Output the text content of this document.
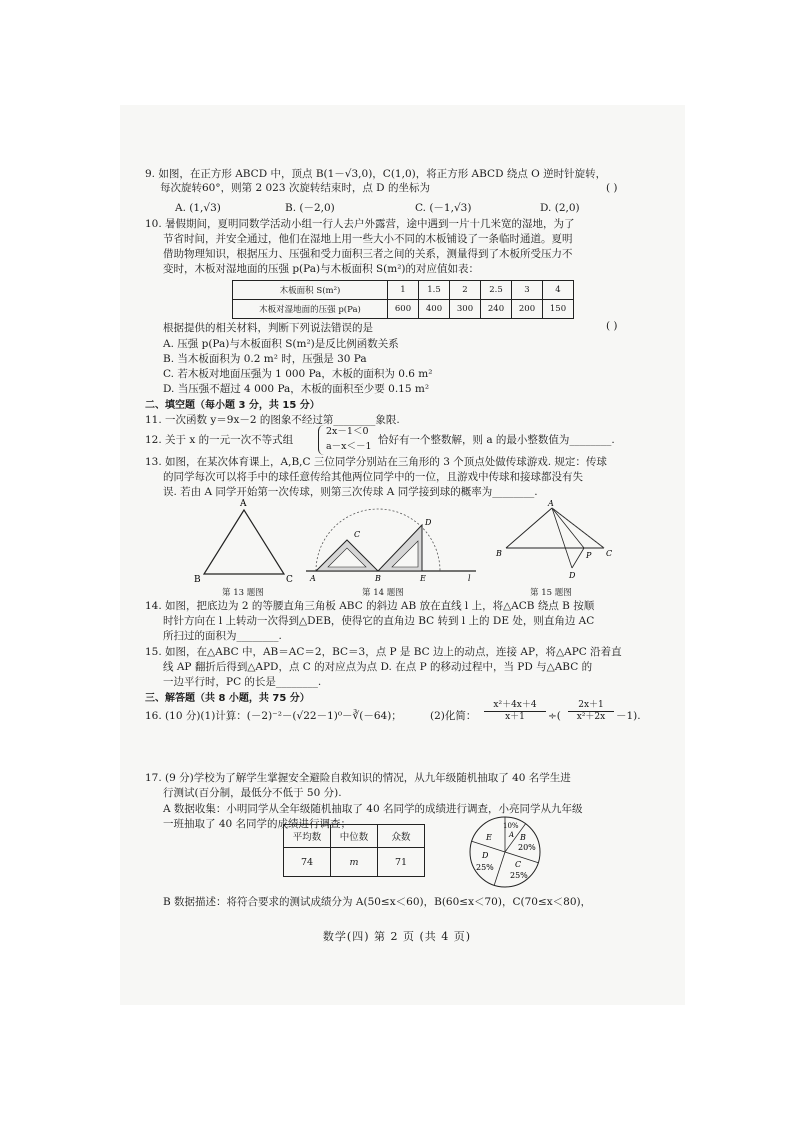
9. 如图，在正方形 ABCD 中，顶点 B(1－√3,0)，C(1,0)，将正方形 ABCD 绕点 O 逆时针旋转，
每次旋转60°，则第 2 023 次旋转结束时，点 D 的坐标为	( )
A. (1,√3)	B. (－2,0)	C. (－1,√3)	D. (2,0)
10. 暑假期间，夏明同数学活动小组一行人去户外露营，途中遇到一片十几米宽的湿地，为了
节省时间，并安全通过，他们在湿地上用一些大小不同的木板铺设了一条临时通道。夏明
借助物理知识，根据压力、压强和受力面积三者之间的关系，测量得到了木板所受压力不
变时，木板对湿地面的压强 p(Pa)与木板面积 S(m²)的对应值如表：
木板面积 S(m²)	1	1.5	2	2.5	3	4
木板对湿地面的压强 p(Pa)	600	400	300	240	200	150
根据提供的相关材料，判断下列说法错误的是	( )
A. 压强 p(Pa)与木板面积 S(m²)是反比例函数关系
B. 当木板面积为 0.2 m² 时，压强是 30 Pa
C. 若木板对地面压强为 1 000 Pa，木板的面积为 0.6 m²
D. 当压强不超过 4 000 Pa，木板的面积至少要 0.15 m²
二、填空题（每小题 3 分，共 15 分）
11. 一次函数 y＝9x－2 的图象不经过第________象限.
12. 关于 x 的一元一次不等式组
2x－1＜0
a－x＜－1
恰好有一个整数解，则 a 的最小整数值为________.
13. 如图，在某次体育课上，A,B,C 三位同学分别站在三角形的 3 个顶点处做传球游戏. 规定：传球
的同学每次可以将手中的球任意传给其他两位同学中的一位，且游戏中传球和接球都没有失
误. 若由 A 同学开始第一次传球，则第三次传球 A 同学接到球的概率为________.
A
B	C A	B
C
D
E	l
A
B	C
P
D
第 13 题图	第 14 题图	第 15 题图
14. 如图，把底边为 2 的等腰直角三角板 ABC 的斜边 AB 放在直线 l 上，将△ACB 绕点 B 按顺
时针方向在 l 上转动一次得到△DEB，使得它的直角边 BC 转到 l 上的 DE 处，则直角边 AC
所扫过的面积为________.
15. 如图，在△ABC 中，AB＝AC＝2，BC＝3，点 P 是 BC 边上的动点，连接 AP，将△APC 沿着直
线 AP 翻折后得到△APD，点 C 的对应点为点 D. 在点 P 的移动过程中，当 PD 与△ABC 的
一边平行时，PC 的长是________.
三、解答题（共 8 小题，共 75 分）
16. (10 分)(1)计算：(－2)⁻²－(√22－1)⁰－∛(－64)；	(2)化简： $\frac{\text{x²＋4x＋4}}{x+1}$ ÷( $\frac{2x+1}{\text{x²＋2x}} -1$).
17. (9 分)学校为了解学生掌握安全避险自救知识的情况，从九年级随机抽取了 40 名学生进
行测试(百分制，最低分不低于 50 分).
A 数据收集：小明同学从全年级随机抽取了 40 名同学的成绩进行调查，小亮同学从九年级
一班抽取了 40 名同学的成绩进行调查；
平均数	中位数	众数
74	m	71
10%
A B
20%
C
25%
D
25%
E
B 数据描述：将符合要求的测试成绩分为 A(50≤x＜60)，B(60≤x＜70)，C(70≤x＜80)，
数学(四) 第 2 页 (共 4 页)
